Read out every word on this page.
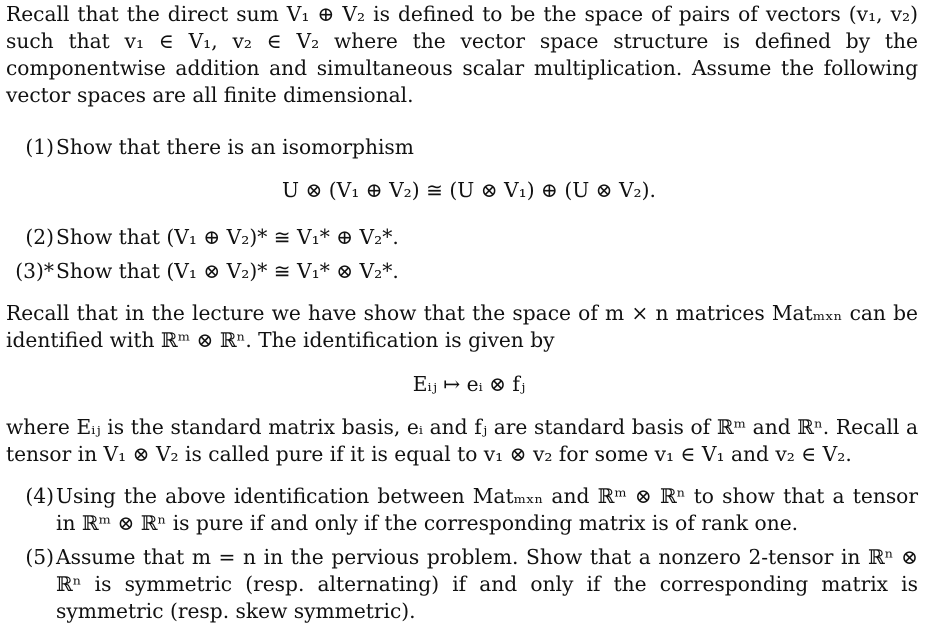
Recall that the direct sum V₁ ⊕ V₂ is defined to be the space of pairs of vectors (v₁, v₂) such that v₁ ∈ V₁, v₂ ∈ V₂ where the vector space structure is defined by the componentwise addition and simultaneous scalar multiplication. Assume the following vector spaces are all finite dimensional.

(1) Show that there is an isomorphism
U ⊗ (V₁ ⊕ V₂) ≅ (U ⊗ V₁) ⊕ (U ⊗ V₂).
(2) Show that (V₁ ⊕ V₂)* ≅ V₁* ⊕ V₂*.
(3)* Show that (V₁ ⊗ V₂)* ≅ V₁* ⊗ V₂*.

Recall that in the lecture we have show that the space of m × n matrices Matₘₓₙ can be identified with ℝᵐ ⊗ ℝⁿ. The identification is given by

Eᵢⱼ ↦ eᵢ ⊗ fⱼ

where Eᵢⱼ is the standard matrix basis, eᵢ and fⱼ are standard basis of ℝᵐ and ℝⁿ. Recall a tensor in V₁ ⊗ V₂ is called pure if it is equal to v₁ ⊗ v₂ for some v₁ ∈ V₁ and v₂ ∈ V₂.

(4) Using the above identification between Matₘₓₙ and ℝᵐ ⊗ ℝⁿ to show that a tensor in ℝᵐ ⊗ ℝⁿ is pure if and only if the corresponding matrix is of rank one.
(5) Assume that m = n in the pervious problem. Show that a nonzero 2-tensor in ℝⁿ ⊗ ℝⁿ is symmetric (resp. alternating) if and only if the corresponding matrix is symmetric (resp. skew symmetric).
